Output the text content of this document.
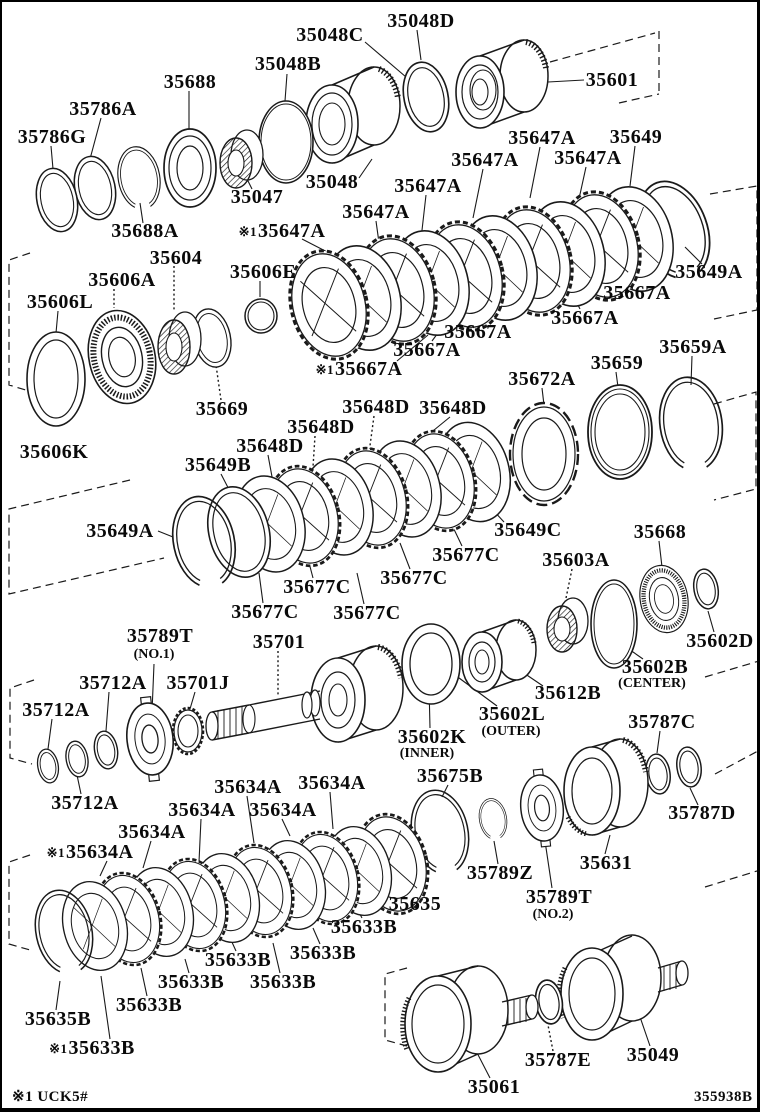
35048C
35048D
35048B
35688	35601
35786A
35786G	35649
35647A
35647A
35647A
35048 35647A
35047
35647A
35688A	※135647A
35604
35606E	35649A
35606A
35667A
35606L
35667A
35667A
35659A
35667A
35659
※135667A	35672A
35669	35648D 35648D
35648D
35648D
35606K
35649B
35649A	35649C	35668
35677C 35603A
35677C
35677C
35677C 35677C
35602D
35789T
(NO.1)
35701
35602B
(CENTER)
35712A 35701J	35612B
35712A	35602L
(OUTER)	35787C
35602K
(INNER)
35675B
35634A
35634A
35712A 35634A 35634A	35787D
35634A
※135634A	35631
35789Z
35789T
(NO.2)
35635
35633B
35633B
35633B
35633B 35633B
35633B
35635B
※135633B
35787E 35049
35061
※1 UCK5#	355938B
